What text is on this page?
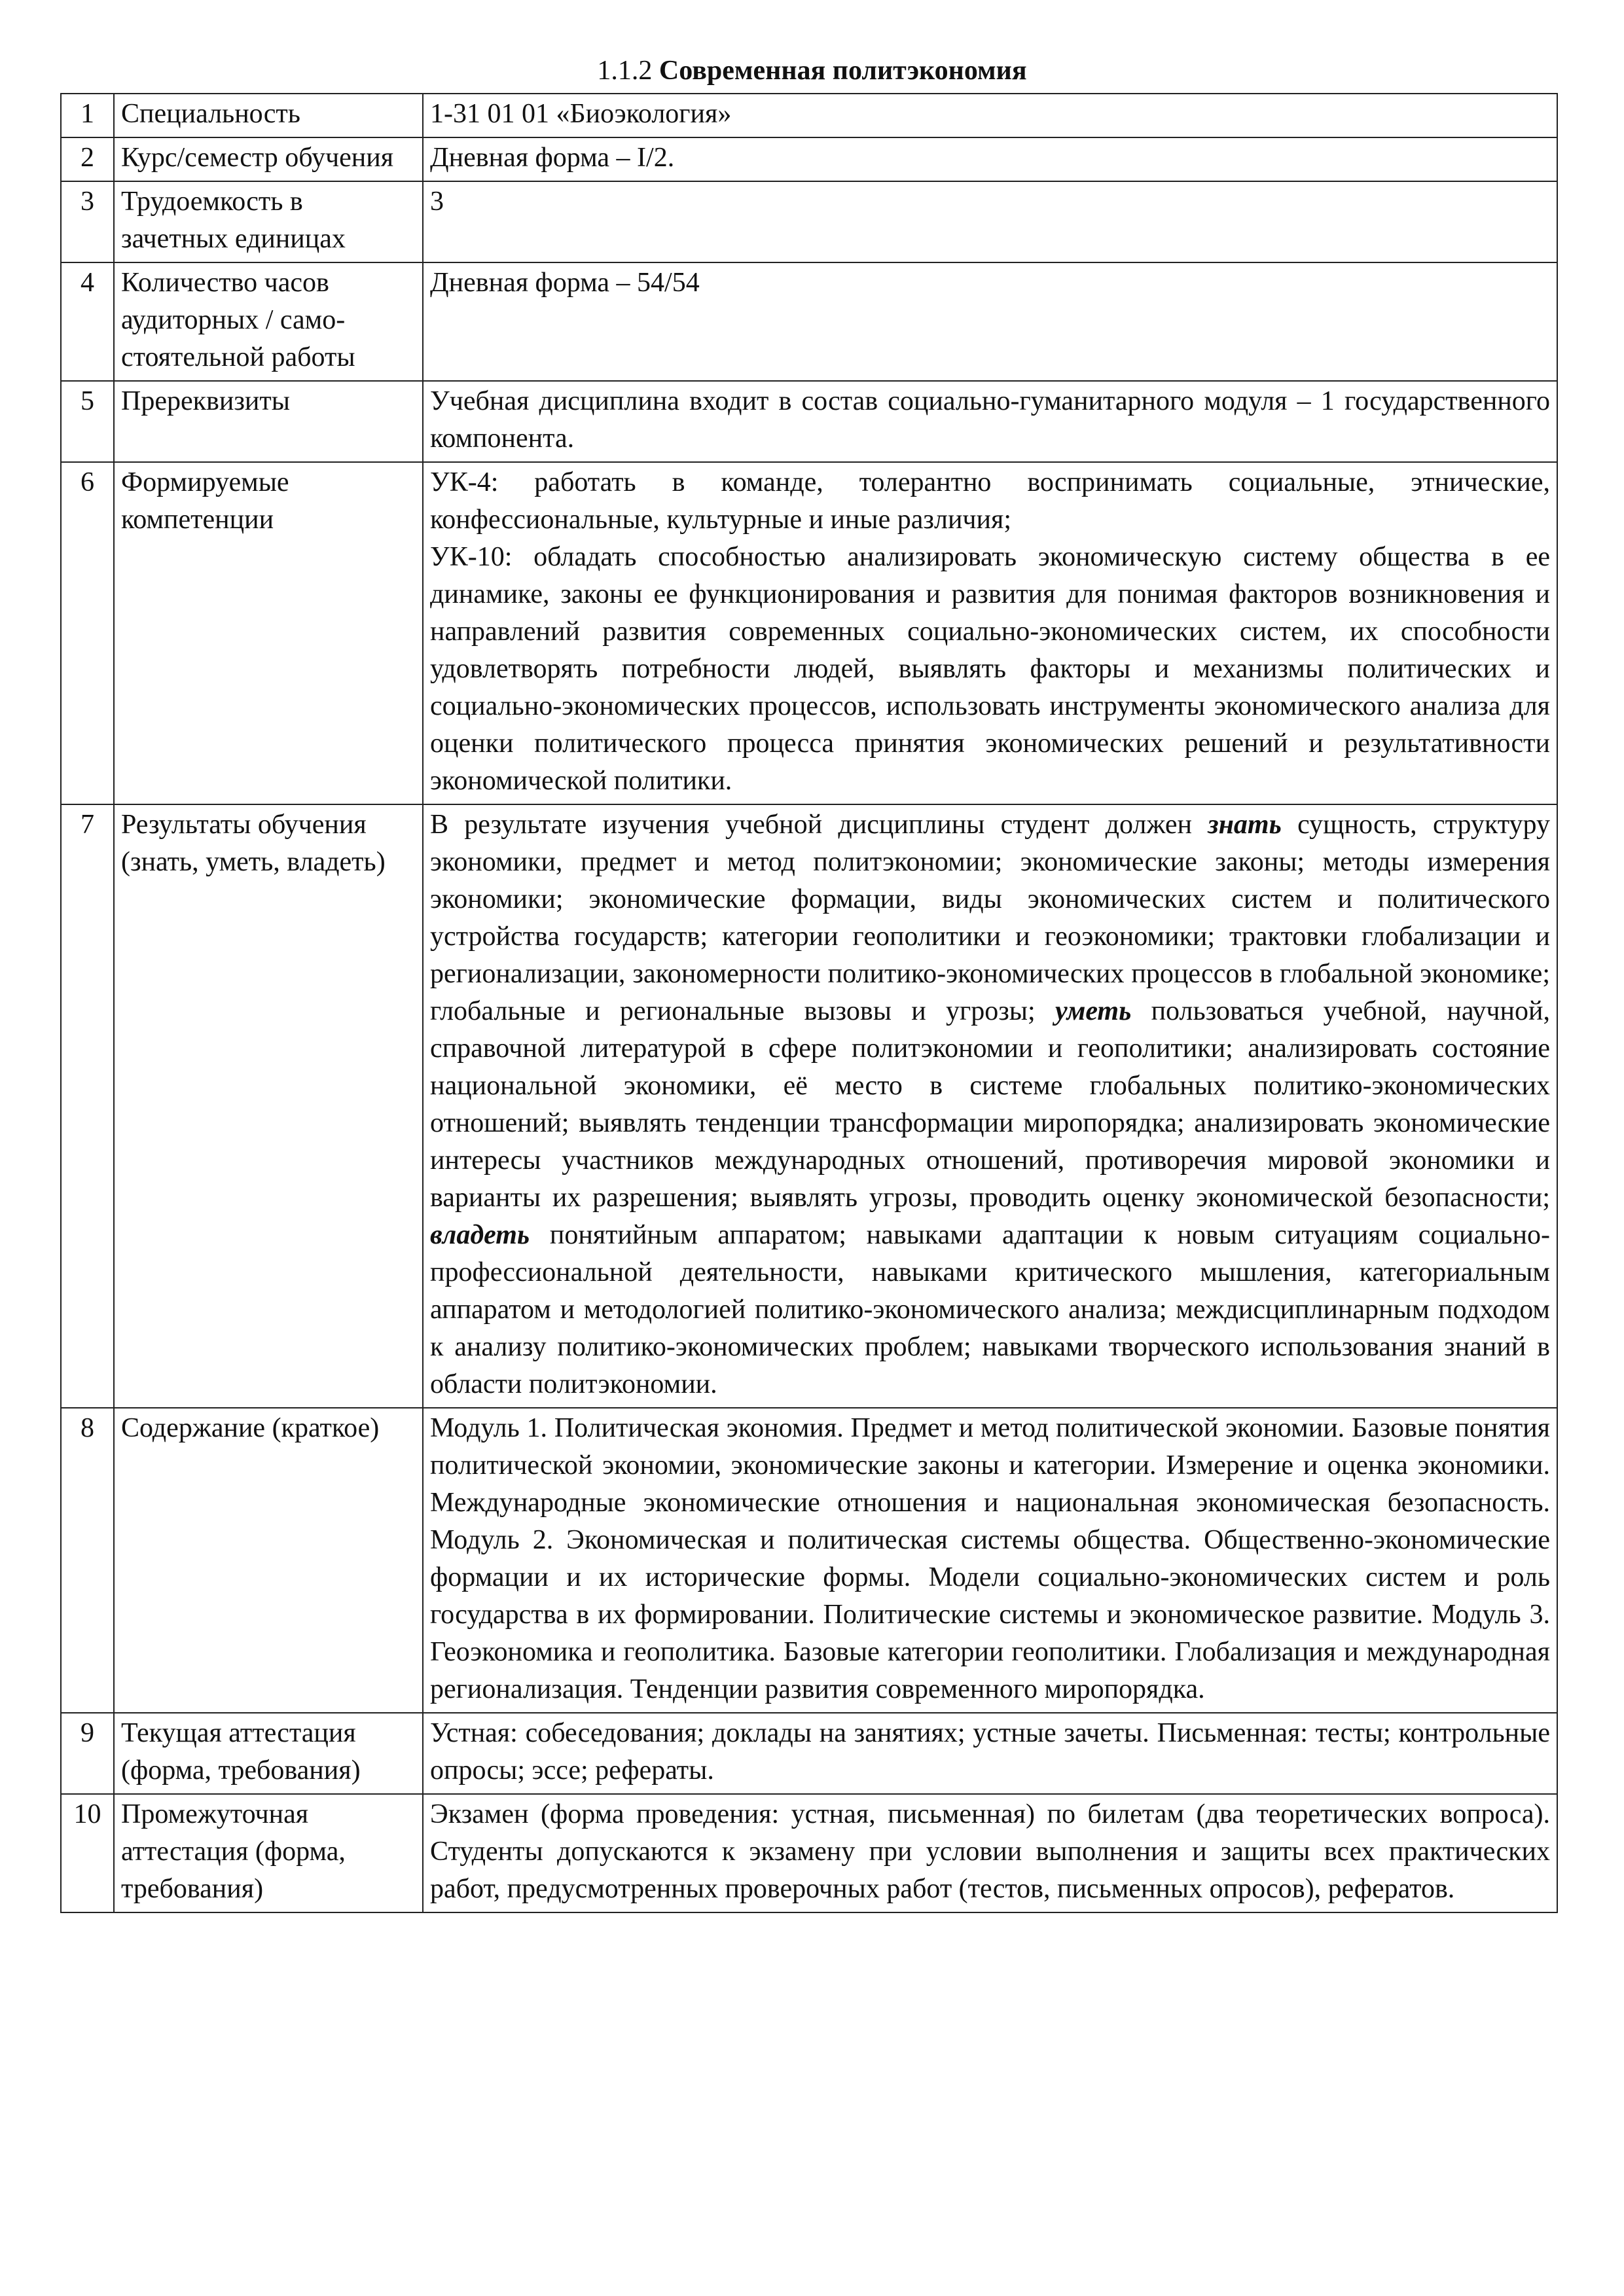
1.1.2 Современная политэкономия
1	Специальность	1-31 01 01 «Биоэкология»
2	Курс/семестр обучения	Дневная форма – I/2.
3	Трудоемкость в зачетных единицах	3
4	Количество часов аудиторных / само-стоятельной работы	Дневная форма – 54/54
5	Пререквизиты	Учебная дисциплина входит в состав социально-гуманитарного модуля – 1 государственного компонента.
6	Формируемые компетенции	УК-4: работать в команде, толерантно воспринимать социальные, этнические, конфессиональные, культурные и иные различия;
УК-10: обладать способностью анализировать экономическую систему общества в ее динамике, законы ее функционирования и развития для понимая факторов возникновения и направлений развития современных социально-экономических систем, их способности удовлетворять потребности людей, выявлять факторы и механизмы политических и социально-экономических процессов, использовать инструменты экономического анализа для оценки политического процесса принятия экономических решений и результативности экономической политики.

7	Результаты обучения (знать, уметь, владеть)	В результате изучения учебной дисциплины студент должен знать сущность, структуру экономики, предмет и метод политэкономии; экономические законы; методы измерения экономики; экономические формации, виды экономических систем и политического устройства государств; категории геополитики и геоэкономики; трактовки глобализации и регионализации, закономерности политико-экономических процессов в глобальной экономике; глобальные и региональные вызовы и угрозы; уметь пользоваться учебной, научной, справочной литературой в сфере политэкономии и геополитики; анализировать состояние национальной экономики, её место в системе глобальных политико-экономических отношений; выявлять тенденции трансформации миропорядка; анализировать экономические интересы участников международных отношений, противоречия мировой экономики и варианты их разрешения; выявлять угрозы, проводить оценку экономической безопасности; владеть понятийным аппаратом; навыками адаптации к новым ситуациям социально-профессиональной деятельности, навыками критического мышления, категориальным аппаратом и методологией политико-экономического анализа; междисциплинарным подходом к анализу политико-экономических проблем; навыками творческого использования знаний в области политэкономии.
8	Содержание (краткое)	Модуль 1. Политическая экономия. Предмет и метод политической экономии. Базовые понятия политической экономии, экономические законы и категории. Измерение и оценка экономики. Международные экономические отношения и национальная экономическая безопасность. Модуль 2. Экономическая и политическая системы общества. Общественно-экономические формации и их исторические формы. Модели социально-экономических систем и роль государства в их формировании. Политические системы и экономическое развитие. Модуль 3. Геоэкономика и геополитика. Базовые категории геополитики. Глобализация и международная регионализация. Тенденции развития современного миропорядка.
9	Текущая аттестация (форма, требования)	Устная: собеседования; доклады на занятиях; устные зачеты. Письменная: тесты; контрольные опросы; эссе; рефераты.
10	Промежуточная аттестация (форма, требования)	Экзамен (форма проведения: устная, письменная) по билетам (два теоретических вопроса). Студенты допускаются к экзамену при условии выполнения и защиты всех практических работ, предусмотренных проверочных работ (тестов, письменных опросов), рефератов.
